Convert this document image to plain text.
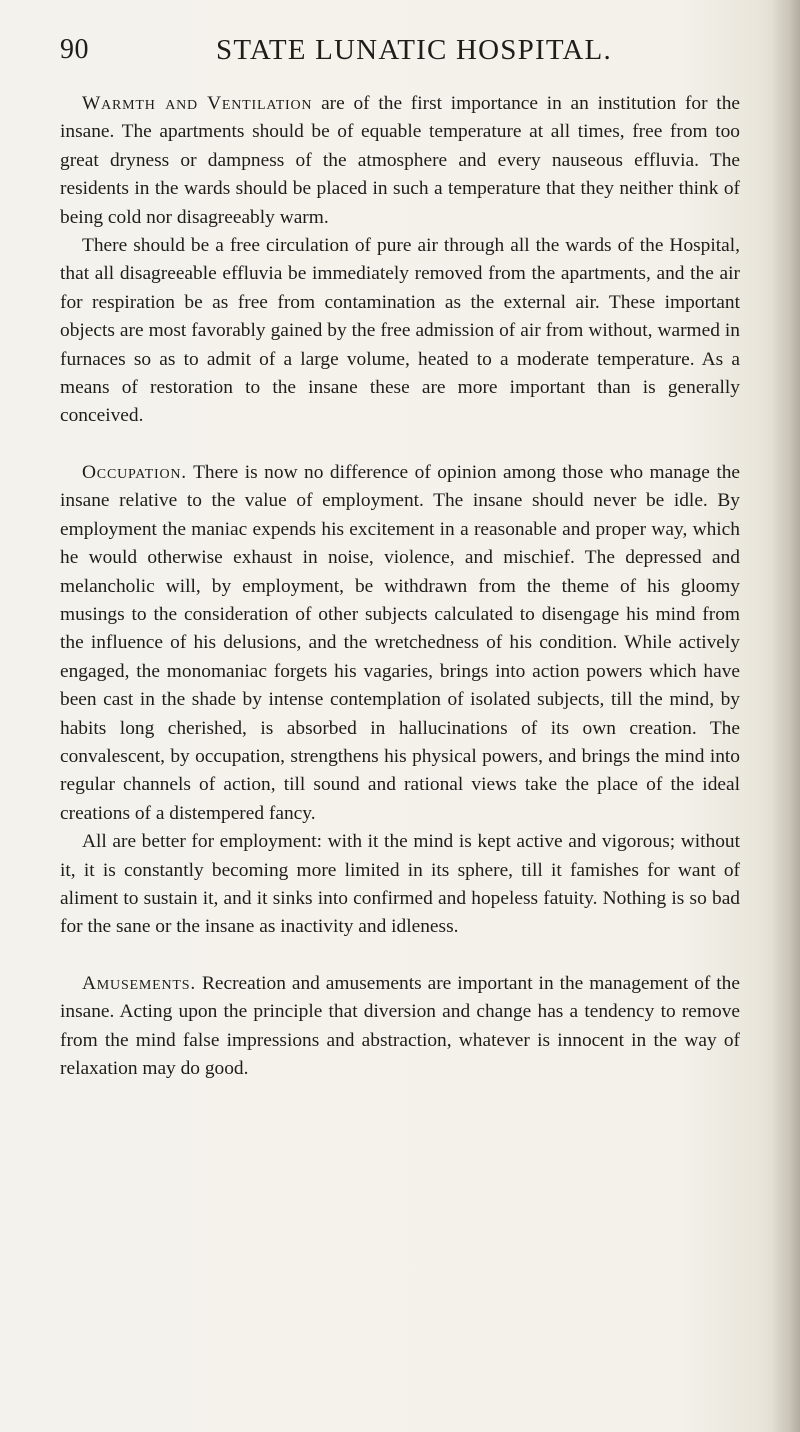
90	STATE LUNATIC HOSPITAL.

Warmth and Ventilation are of the first importance in an institution for the insane. The apartments should be of equable temperature at all times, free from too great dryness or dampness of the atmosphere and every nauseous effluvia. The residents in the wards should be placed in such a temperature that they neither think of being cold nor disagreeably warm.

There should be a free circulation of pure air through all the wards of the Hospital, that all disagreeable effluvia be immediately removed from the apartments, and the air for respiration be as free from contamination as the external air. These important objects are most favorably gained by the free admission of air from without, warmed in furnaces so as to admit of a large volume, heated to a moderate temperature. As a means of restoration to the insane these are more important than is generally conceived.

Occupation. There is now no difference of opinion among those who manage the insane relative to the value of employment. The insane should never be idle. By employment the maniac expends his excitement in a reasonable and proper way, which he would otherwise exhaust in noise, violence, and mischief. The depressed and melancholic will, by employment, be withdrawn from the theme of his gloomy musings to the consideration of other subjects calculated to disengage his mind from the influence of his delusions, and the wretchedness of his condition. While actively engaged, the monomaniac forgets his vagaries, brings into action powers which have been cast in the shade by intense contemplation of isolated subjects, till the mind, by habits long cherished, is absorbed in hallucinations of its own creation. The convalescent, by occupation, strengthens his physical powers, and brings the mind into regular channels of action, till sound and rational views take the place of the ideal creations of a distempered fancy.

All are better for employment: with it the mind is kept active and vigorous; without it, it is constantly becoming more limited in its sphere, till it famishes for want of aliment to sustain it, and it sinks into confirmed and hopeless fatuity. Nothing is so bad for the sane or the insane as inactivity and idleness.

Amusements. Recreation and amusements are important in the management of the insane. Acting upon the principle that diversion and change has a tendency to remove from the mind false impressions and abstraction, whatever is innocent in the way of relaxation may do good.
